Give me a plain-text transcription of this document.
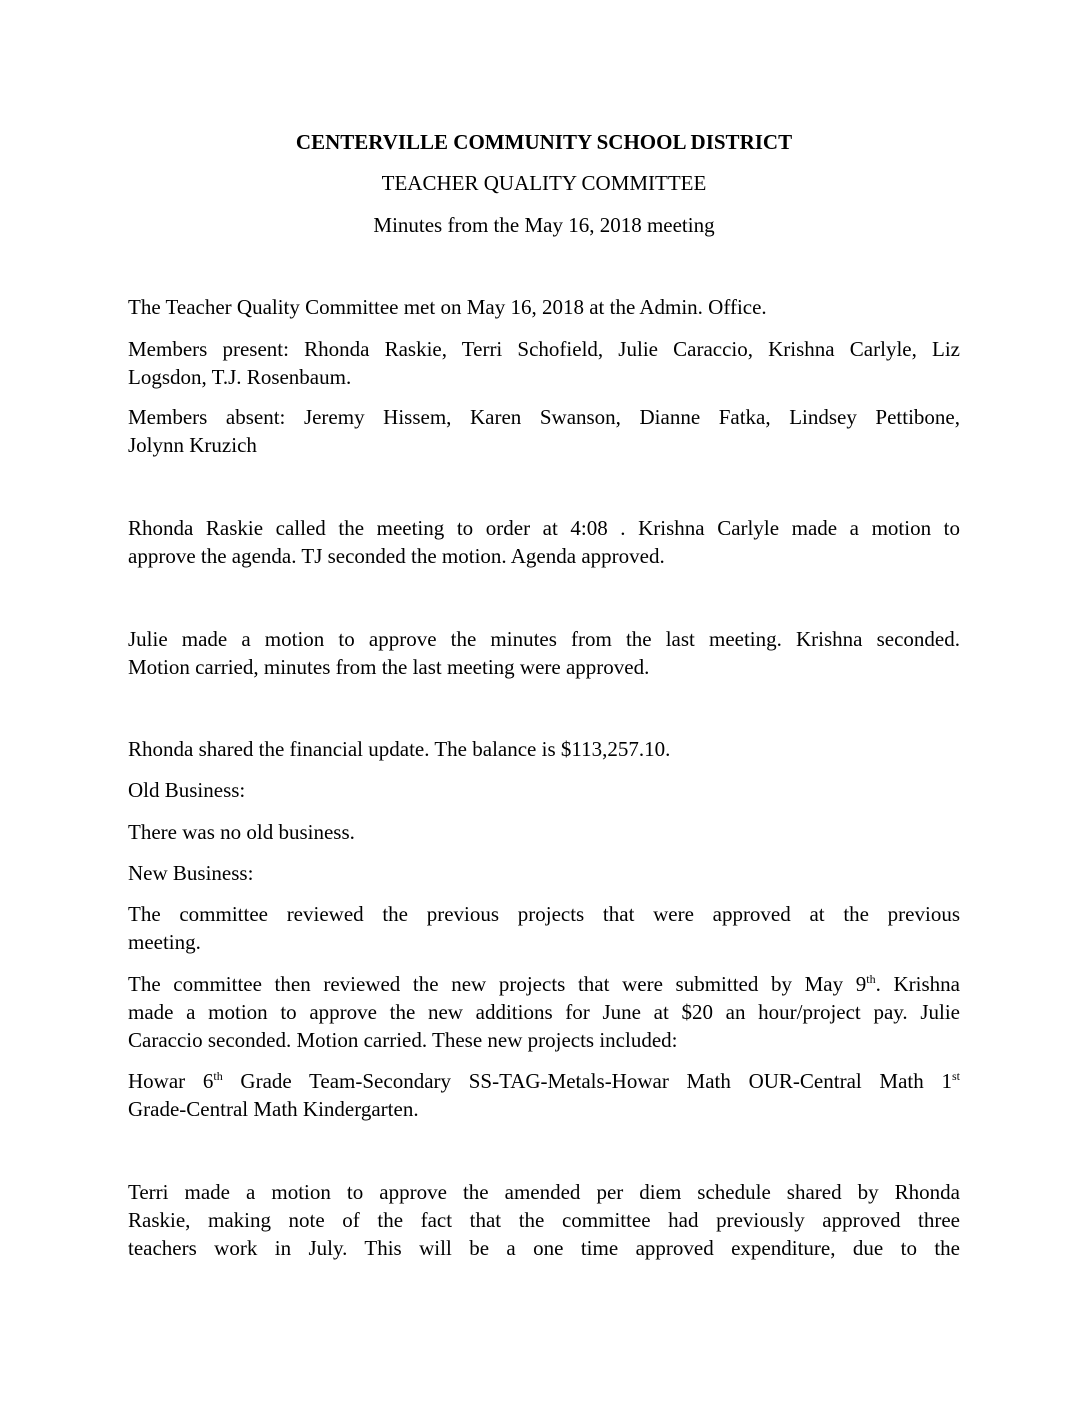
CENTERVILLE COMMUNITY SCHOOL DISTRICT
TEACHER QUALITY COMMITTEE
Minutes from the May 16, 2018 meeting
The Teacher Quality Committee met on May 16, 2018 at the Admin. Office.
Members present: Rhonda Raskie, Terri Schofield, Julie Caraccio, Krishna Carlyle, Liz
Logsdon, T.J. Rosenbaum.
Members absent: Jeremy Hissem, Karen Swanson, Dianne Fatka, Lindsey Pettibone,
Jolynn Kruzich
Rhonda Raskie called the meeting to order at 4:08 . Krishna Carlyle made a motion to
approve the agenda. TJ seconded the motion. Agenda approved.
Julie made a motion to approve the minutes from the last meeting. Krishna seconded.
Motion carried, minutes from the last meeting were approved.
Rhonda shared the financial update. The balance is $113,257.10.
Old Business:
There was no old business.
New Business:
The committee reviewed the previous projects that were approved at the previous
meeting.
The committee then reviewed the new projects that were submitted by May 9th. Krishna
made a motion to approve the new additions for June at $20 an hour/project pay. Julie
Caraccio seconded. Motion carried. These new projects included:
Howar 6th Grade Team-Secondary SS-TAG-Metals-Howar Math OUR-Central Math 1st
Grade-Central Math Kindergarten.
Terri made a motion to approve the amended per diem schedule shared by Rhonda
Raskie, making note of the fact that the committee had previously approved three
teachers work in July. This will be a one time approved expenditure, due to the
